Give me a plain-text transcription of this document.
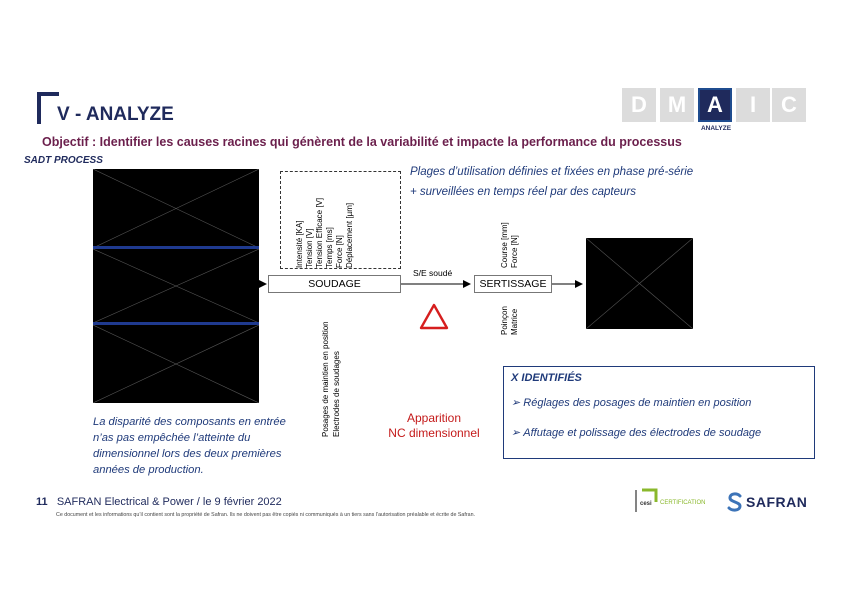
V - ANALYZE	D M A	I	C
ANALYZE
Objectif : Identifier les causes racines qui génèrent de la variabilité et impacte la performance du processus
SADT PROCESS
Plages d’utilisation définies et fixées en phase pré-série
+ surveillées en temps réel par des capteurs
Intensité [KA] Tension [V] Tension Efficace [V] Temps [ms] Force [N] Déplacement [µm]	Course [mm] Force [N]
SOUDAGE	SERTISSAGE
S/E soudé
Posages de maintien en position Electrodes de soudages
Poinçon Matrice
Apparition
NC dimensionnel
La disparité des composants en entrée n’as pas empêchée l’atteinte du dimensionnel lors des deux premières années de production.
X IDENTIFIÉS
➢ Réglages des posages de maintien en position
➢ Affutage et polissage des électrodes de soudage
11 SAFRAN Electrical & Power / le 9 février 2022
Ce document et les informations qu’il contient sont la propriété de Safran. Ils ne doivent pas être copiés ni communiqués à un tiers sans l’autorisation préalable et écrite de Safran.
cesi CERTIFICATION	SAFRAN
